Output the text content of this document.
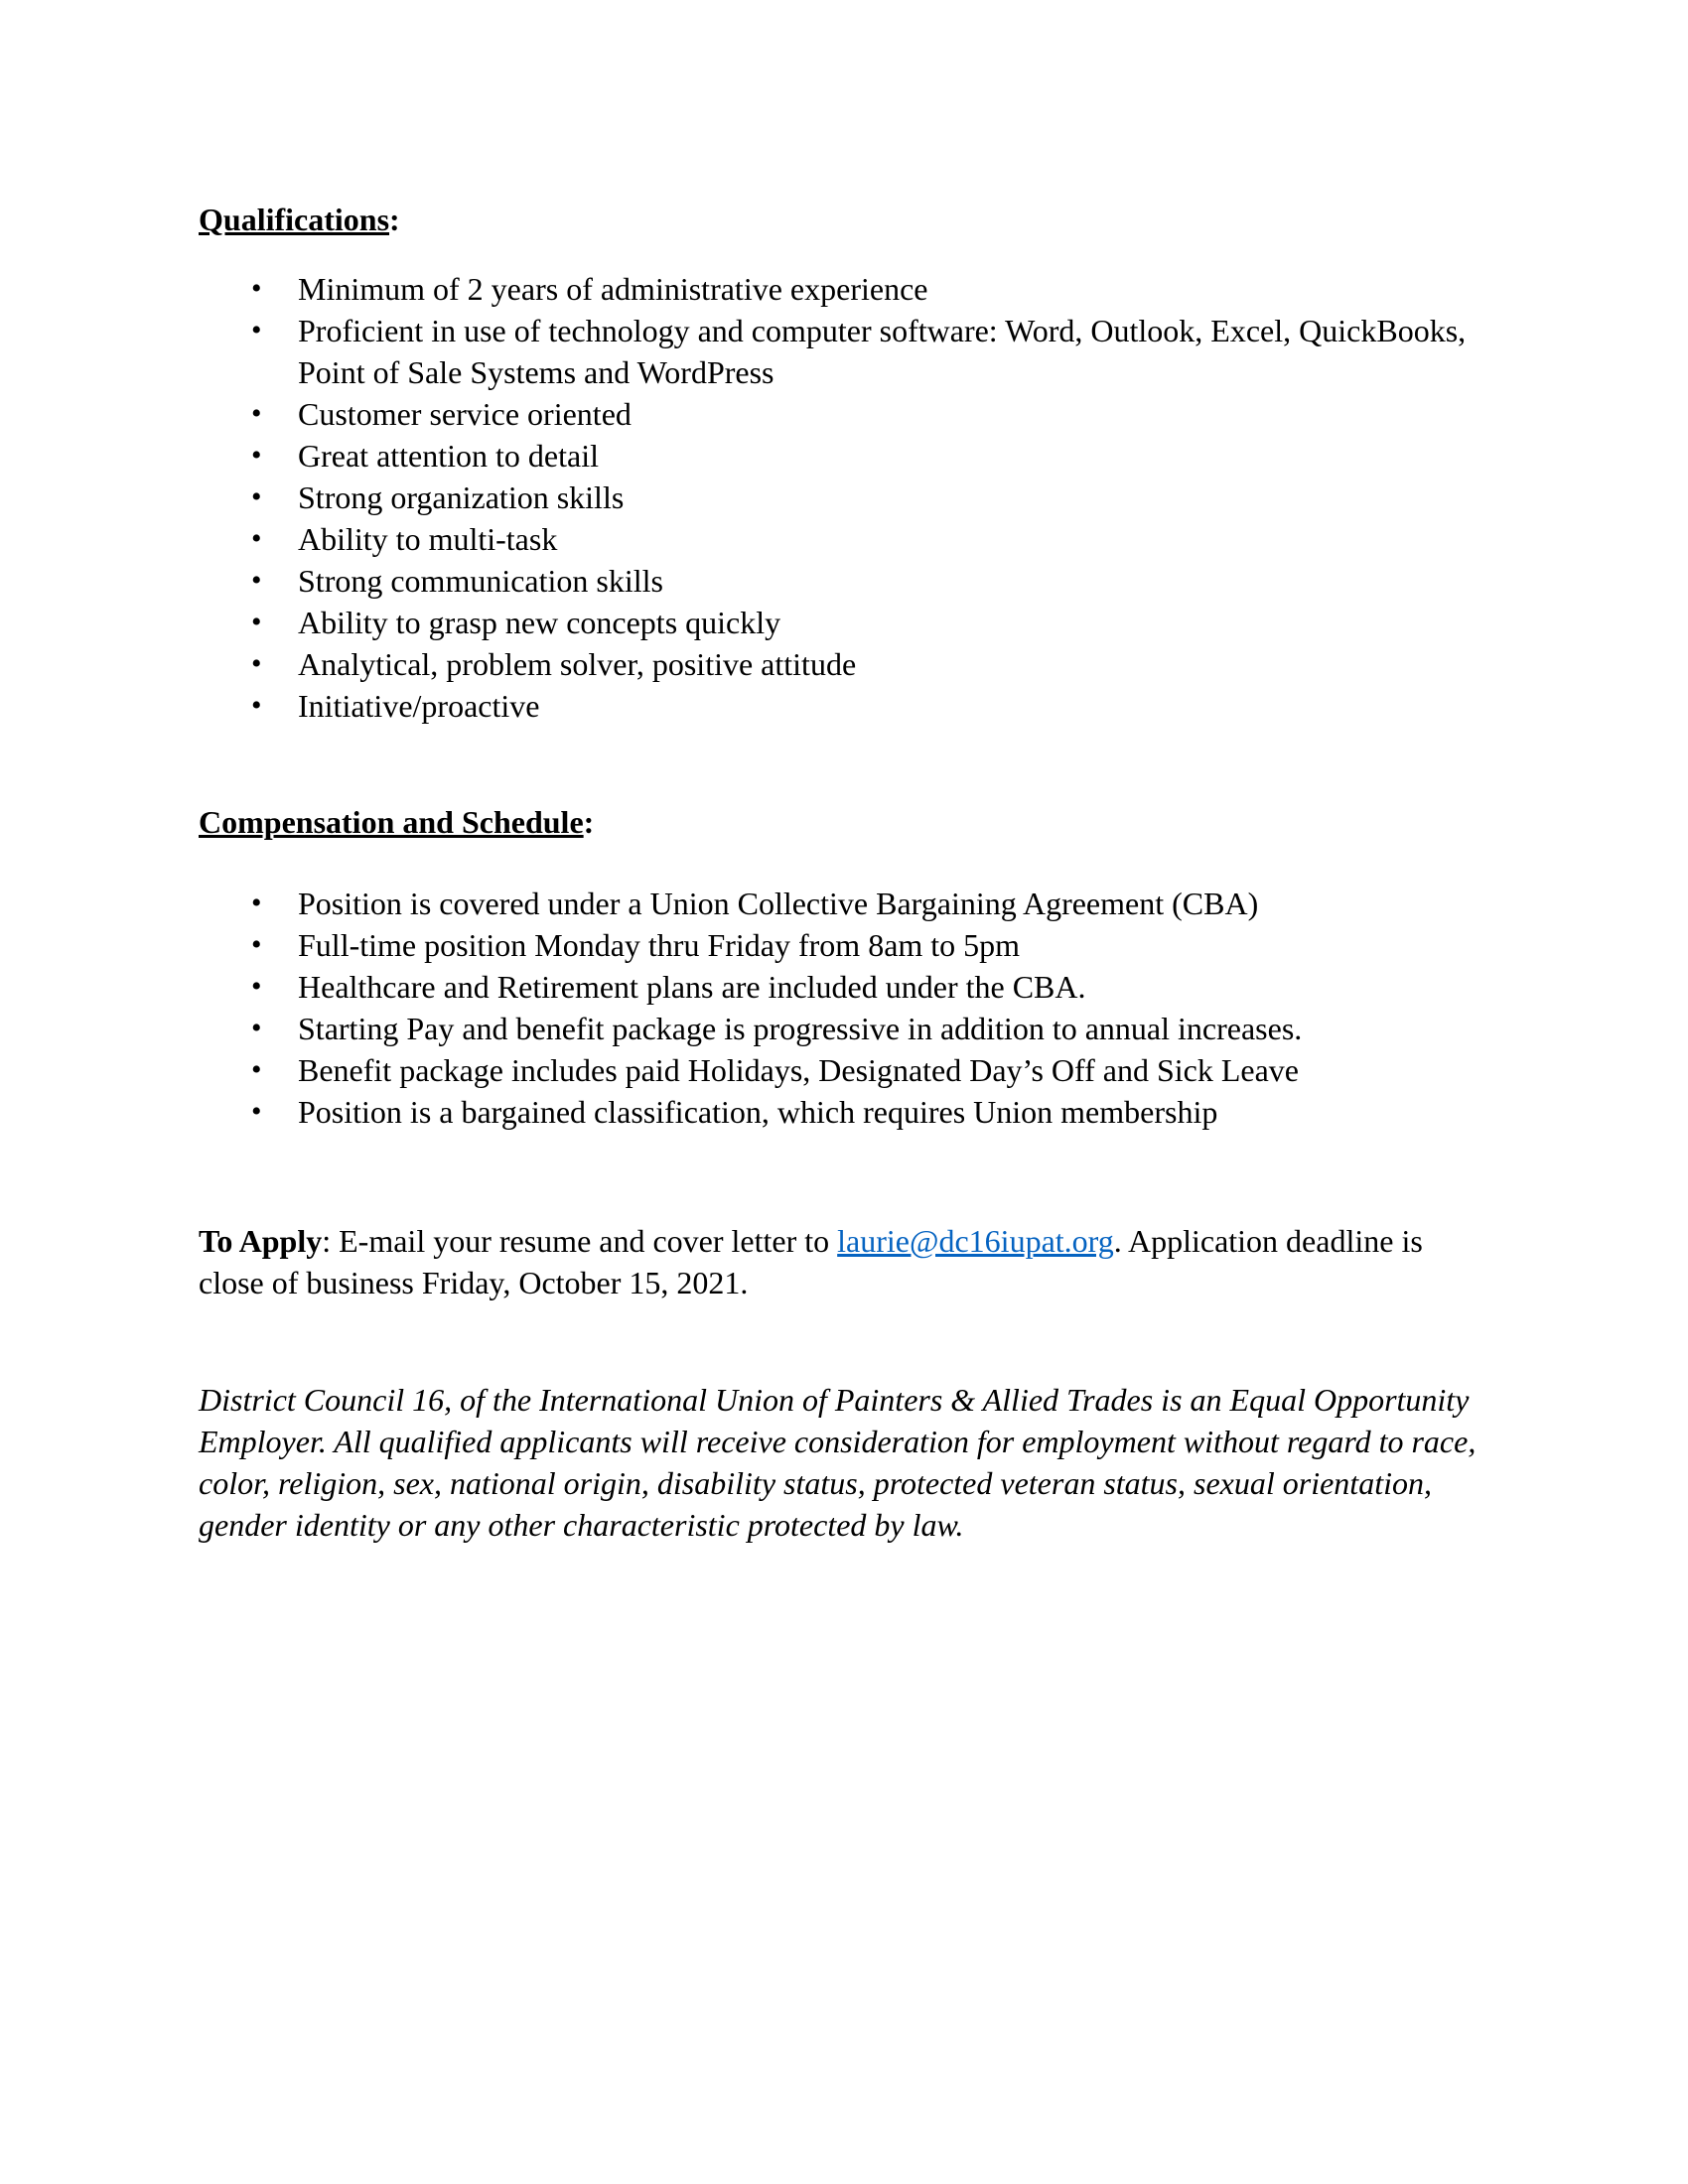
Qualifications:
• Minimum of 2 years of administrative experience
• Proficient in use of technology and computer software: Word, Outlook, Excel, QuickBooks, Point of Sale Systems and WordPress
• Customer service oriented
• Great attention to detail
• Strong organization skills
• Ability to multi-task
• Strong communication skills
• Ability to grasp new concepts quickly
• Analytical, problem solver, positive attitude
• Initiative/proactive
Compensation and Schedule:
• Position is covered under a Union Collective Bargaining Agreement (CBA)
• Full-time position Monday thru Friday from 8am to 5pm
• Healthcare and Retirement plans are included under the CBA.
• Starting Pay and benefit package is progressive in addition to annual increases.
• Benefit package includes paid Holidays, Designated Day’s Off and Sick Leave
• Position is a bargained classification, which requires Union membership

To Apply: E-mail your resume and cover letter to laurie@dc16iupat.org. Application deadline is close of business Friday, October 15, 2021.

District Council 16, of the International Union of Painters & Allied Trades is an Equal Opportunity Employer. All qualified applicants will receive consideration for employment without regard to race, color, religion, sex, national origin, disability status, protected veteran status, sexual orientation, gender identity or any other characteristic protected by law.
